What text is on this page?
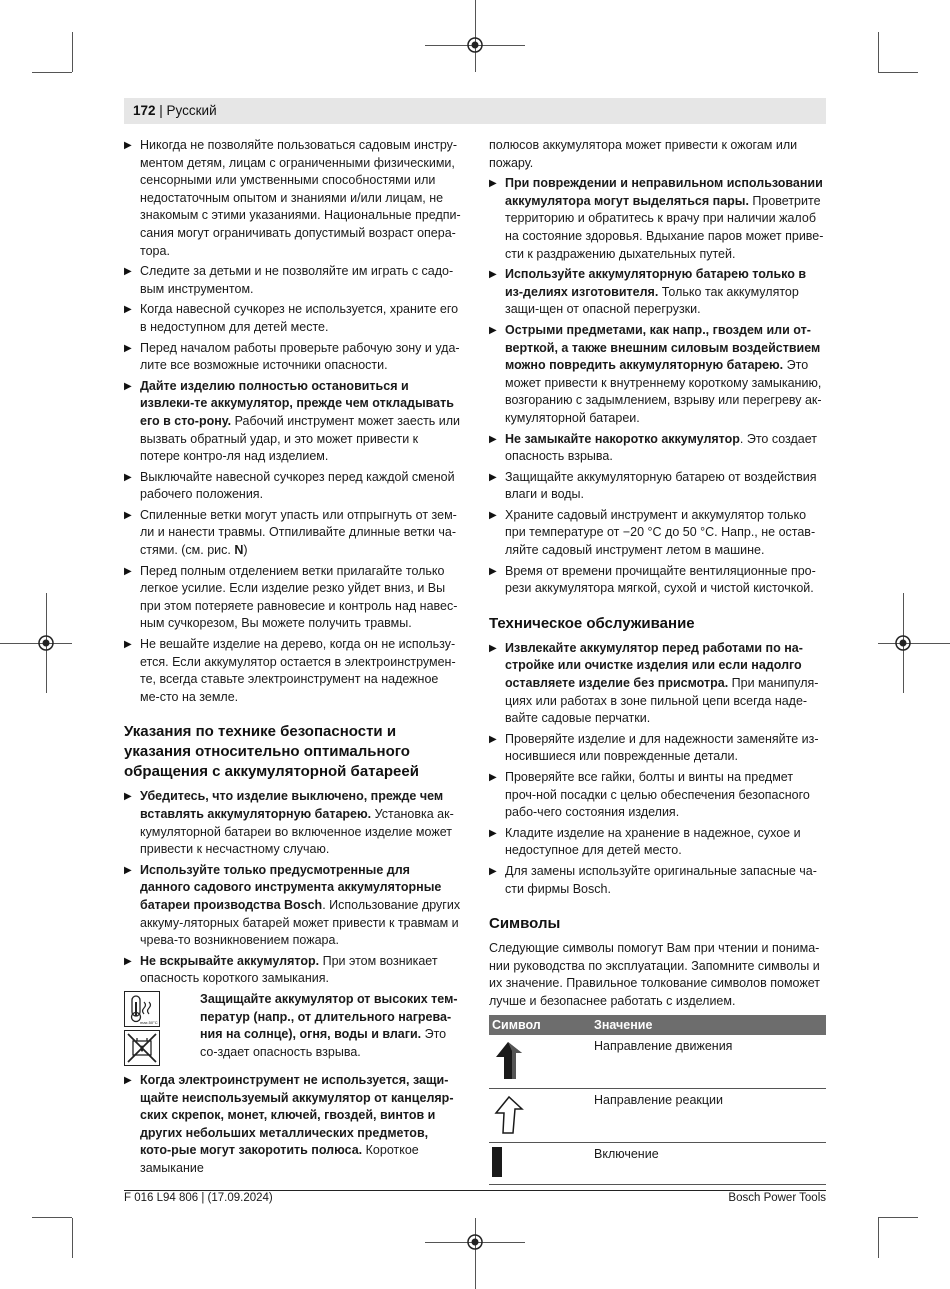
172 | Русский
▶ Никогда не позволяйте пользоваться садовым инстру-ментом детям, лицам с ограниченными физическими, сенсорными или умственными способностями или недостаточным опытом и знаниями и/или лицам, не знакомым с этими указаниями. Национальные предпи-сания могут ограничивать допустимый возраст опера-тора.
▶ Следите за детьми и не позволяйте им играть с садо-вым инструментом.
▶ Когда навесной сучкорез не используется, храните его в недоступном для детей месте.
▶ Перед началом работы проверьте рабочую зону и уда-лите все возможные источники опасности.
▶ Дайте изделию полностью остановиться и извлеки-те аккумулятор, прежде чем откладывать его в сто-рону. Рабочий инструмент может заесть или вызвать обратный удар, и это может привести к потере контро-ля над изделием.
▶ Выключайте навесной сучкорез перед каждой сменой рабочего положения.
▶ Спиленные ветки могут упасть или отпрыгнуть от зем-ли и нанести травмы. Отпиливайте длинные ветки ча-стями. (см. рис. N)
▶ Перед полным отделением ветки прилагайте только легкое усилие. Если изделие резко уйдет вниз, и Вы при этом потеряете равновесие и контроль над навес-ным сучкорезом, Вы можете получить травмы.
▶ Не вешайте изделие на дерево, когда он не использу-ется. Если аккумулятор остается в электроинструмен-те, всегда ставьте электроинструмент на надежное ме-сто на земле.
Указания по технике безопасности и указания относительно оптимального обращения с аккумуляторной батареей
▶ Убедитесь, что изделие выключено, прежде чем вставлять аккумуляторную батарею. Установка ак-кумуляторной батареи во включенное изделие может привести к несчастному случаю.
▶ Используйте только предусмотренные для данного садового инструмента аккумуляторные батареи производства Bosch. Использование других аккуму-ляторных батарей может привести к травмам и чрева-то возникновением пожара.
▶ Не вскрывайте аккумулятор. При этом возникает опасность короткого замыкания.
max.50°C
Защищайте аккумулятор от высоких тем-ператур (напр., от длительного нагрева-ния на солнце), огня, воды и влаги. Это со-здает опасность взрыва.
▶ Когда электроинструмент не используется, защи-щайте неиспользуемый аккумулятор от канцеляр-ских скрепок, монет, ключей, гвоздей, винтов и других небольших металлических предметов, кото-рые могут закоротить полюса. Короткое замыкание
полюсов аккумулятора может привести к ожогам или пожару.
▶ При повреждении и неправильном использовании аккумулятора могут выделяться пары. Проветрите территорию и обратитесь к врачу при наличии жалоб на состояние здоровья. Вдыхание паров может приве-сти к раздражению дыхательных путей.
▶ Используйте аккумуляторную батарею только в из-делиях изготовителя. Только так аккумулятор защи-щен от опасной перегрузки.
▶ Острыми предметами, как напр., гвоздем или от-верткой, а также внешним силовым воздействием можно повредить аккумуляторную батарею. Это может привести к внутреннему короткому замыканию, возгоранию с задымлением, взрыву или перегреву ак-кумуляторной батареи.
▶ Не замыкайте накоротко аккумулятор. Это создает опасность взрыва.
▶ Защищайте аккумуляторную батарею от воздействия влаги и воды.
▶ Храните садовый инструмент и аккумулятор только при температуре от −20 °C до 50 °C. Напр., не остав-ляйте садовый инструмент летом в машине.
▶ Время от времени прочищайте вентиляционные про-рези аккумулятора мягкой, сухой и чистой кисточкой.
Техническое обслуживание
▶ Извлекайте аккумулятор перед работами по на-стройке или очистке изделия или если надолго оставляете изделие без присмотра. При манипуля-циях или работах в зоне пильной цепи всегда наде-вайте садовые перчатки.
▶ Проверяйте изделие и для надежности заменяйте из-носившиеся или поврежденные детали.
▶ Проверяйте все гайки, болты и винты на предмет проч-ной посадки с целью обеспечения безопасного рабо-чего состояния изделия.
▶ Кладите изделие на хранение в надежное, сухое и недоступное для детей место.
▶ Для замены используйте оригинальные запасные ча-сти фирмы Bosch.
Символы
Следующие символы помогут Вам при чтении и понима-нии руководства по эксплуатации. Запомните символы и их значение. Правильное толкование символов поможет лучше и безопаснее работать с изделием.
Символ	Значение
	Направление движения
	Направление реакции
	Включение
F 016 L94 806 | (17.09.2024)	Bosch Power Tools
